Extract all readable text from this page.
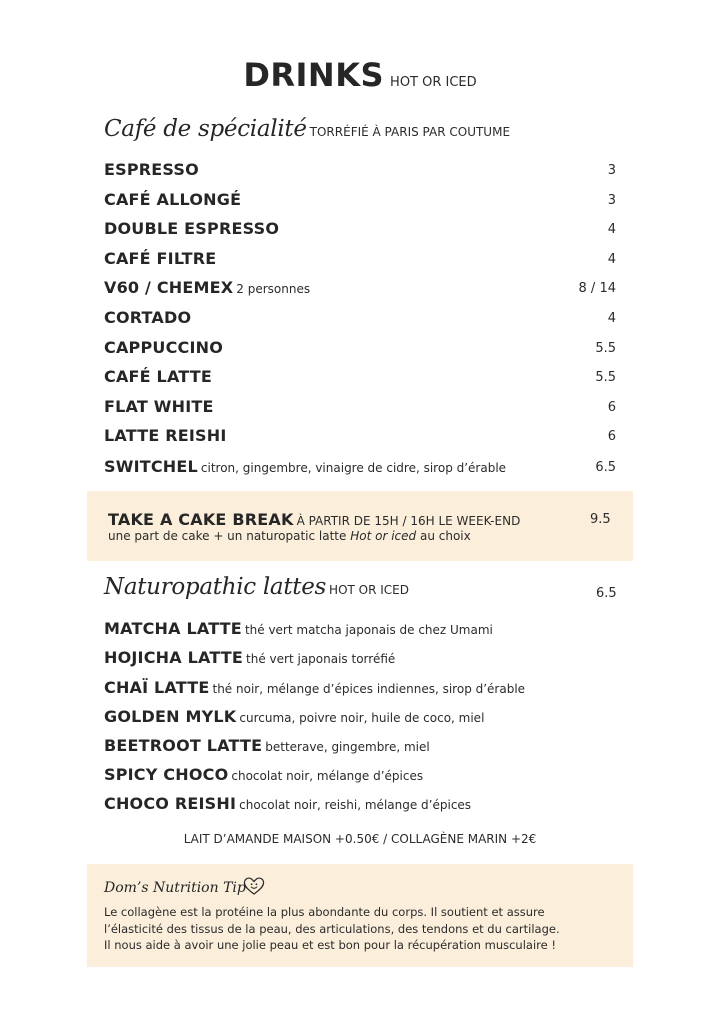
DRINKS HOT OR ICED
Café de spécialité TORRÉFIÉ À PARIS PAR COUTUME
ESPRESSO	3
CAFÉ ALLONGÉ	3
DOUBLE ESPRESSO	4
CAFÉ FILTRE	4
V60 / CHEMEX 2 personnes	8 / 14
CORTADO	4
CAPPUCCINO	5.5
CAFÉ LATTE	5.5
FLAT WHITE	6
LATTE REISHI	6
SWITCHEL citron, gingembre, vinaigre de cidre, sirop d’érable	6.5
TAKE A CAKE BREAK À PARTIR DE 15H / 16H LE WEEK-END	9.5
une part de cake + un naturopatic latte Hot or iced au choix
Naturopathic lattes HOT OR ICED	6.5
MATCHA LATTE thé vert matcha japonais de chez Umami
HOJICHA LATTE thé vert japonais torréfié
CHAÏ LATTE thé noir, mélange d’épices indiennes, sirop d’érable
GOLDEN MYLK curcuma, poivre noir, huile de coco, miel
BEETROOT LATTE betterave, gingembre, miel
SPICY CHOCO chocolat noir, mélange d’épices
CHOCO REISHI chocolat noir, reishi, mélange d’épices
LAIT D’AMANDE MAISON +0.50€ / COLLAGÈNE MARIN +2€
Dom’s Nutrition Tip
Le collagène est la protéine la plus abondante du corps. Il soutient et assure
l’élasticité des tissus de la peau, des articulations, des tendons et du cartilage.
Il nous aide à avoir une jolie peau et est bon pour la récupération musculaire !
